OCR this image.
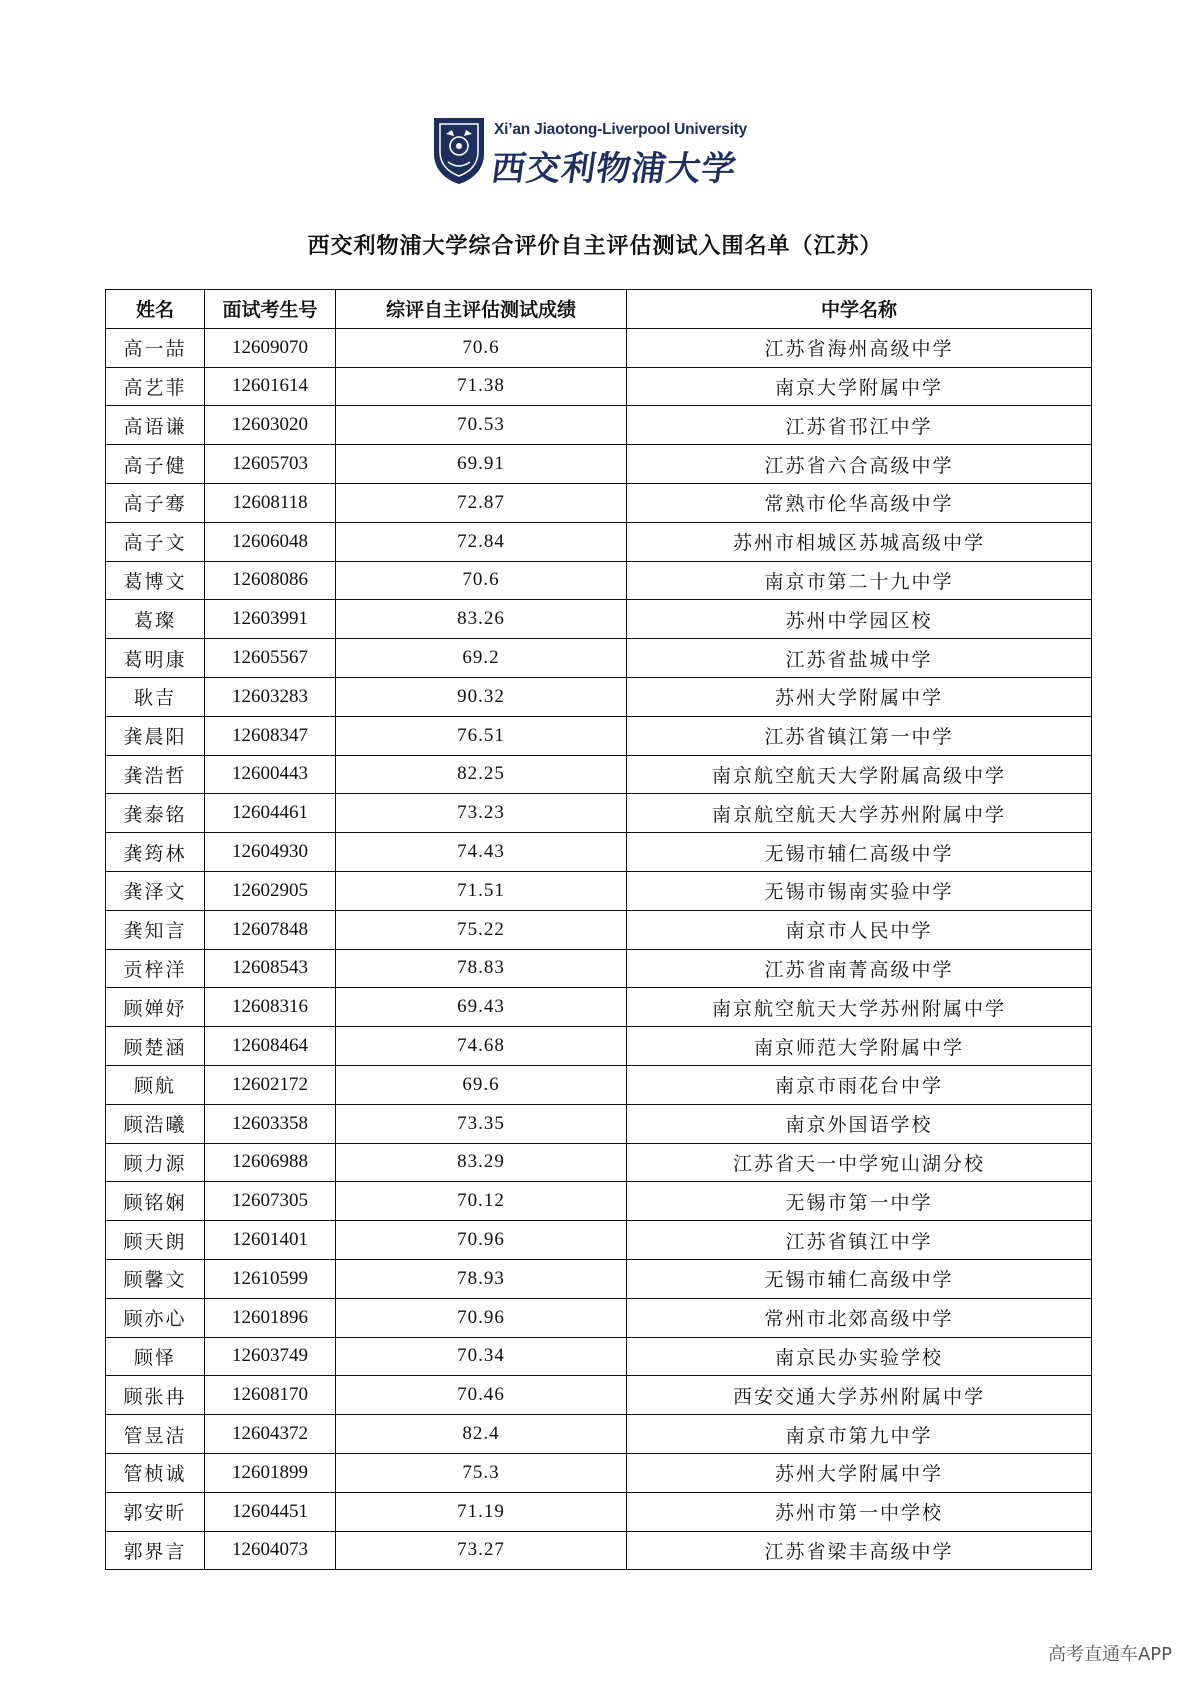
Xi’an Jiaotong-Liverpool University
西交利物浦大学
西交利物浦大学综合评价自主评估测试入围名单（江苏）
姓名	面试考生号	综评自主评估测试成绩	中学名称
高一喆	12609070	70.6	江苏省海州高级中学
高艺菲	12601614	71.38	南京大学附属中学
高语谦	12603020	70.53	江苏省邗江中学
高子健	12605703	69.91	江苏省六合高级中学
高子骞	12608118	72.87	常熟市伦华高级中学
高子文	12606048	72.84	苏州市相城区苏城高级中学
葛博文	12608086	70.6	南京市第二十九中学
葛璨	12603991	83.26	苏州中学园区校
葛明康	12605567	69.2	江苏省盐城中学
耿吉	12603283	90.32	苏州大学附属中学
龚晨阳	12608347	76.51	江苏省镇江第一中学
龚浩哲	12600443	82.25	南京航空航天大学附属高级中学
龚泰铭	12604461	73.23	南京航空航天大学苏州附属中学
龚筠林	12604930	74.43	无锡市辅仁高级中学
龚泽文	12602905	71.51	无锡市锡南实验中学
龚知言	12607848	75.22	南京市人民中学
贡梓洋	12608543	78.83	江苏省南菁高级中学
顾婵妤	12608316	69.43	南京航空航天大学苏州附属中学
顾楚涵	12608464	74.68	南京师范大学附属中学
顾航	12602172	69.6	南京市雨花台中学
顾浩曦	12603358	73.35	南京外国语学校
顾力源	12606988	83.29	江苏省天一中学宛山湖分校
顾铭娴	12607305	70.12	无锡市第一中学
顾天朗	12601401	70.96	江苏省镇江中学
顾馨文	12610599	78.93	无锡市辅仁高级中学
顾亦心	12601896	70.96	常州市北郊高级中学
顾怿	12603749	70.34	南京民办实验学校
顾张冉	12608170	70.46	西安交通大学苏州附属中学
管昱洁	12604372	82.4	南京市第九中学
管桢诚	12601899	75.3	苏州大学附属中学
郭安昕	12604451	71.19	苏州市第一中学校
郭界言	12604073	73.27	江苏省梁丰高级中学
高考直通车APP
